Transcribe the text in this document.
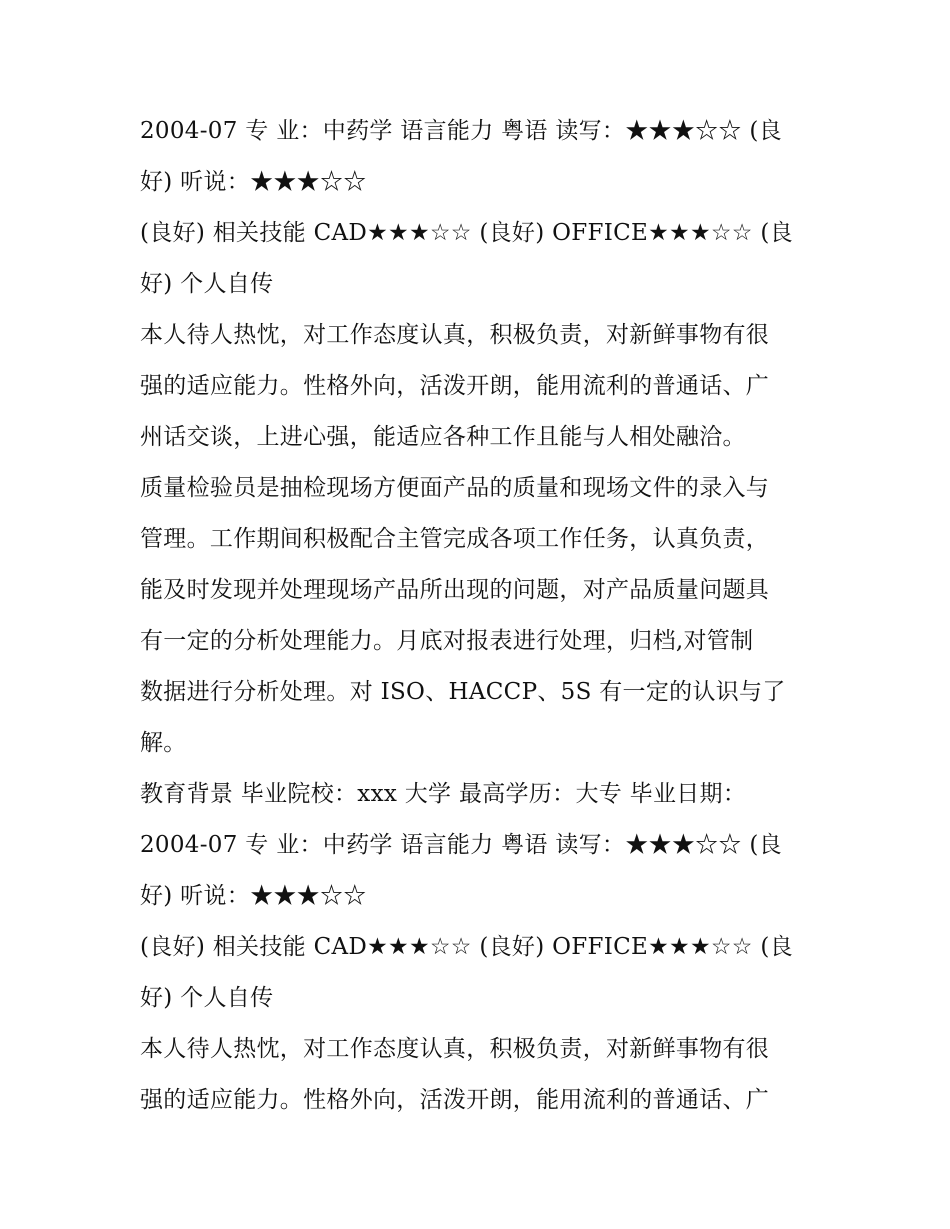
2004-07 专 业：中药学 语言能力 粤语 读写：★★★☆☆ (良
好) 听说：★★★☆☆
(良好) 相关技能 CAD★★★☆☆ (良好) OFFICE★★★☆☆ (良
好) 个人自传
本人待人热忱，对工作态度认真，积极负责，对新鲜事物有很
强的适应能力。性格外向，活泼开朗，能用流利的普通话、广
州话交谈，上进心强，能适应各种工作且能与人相处融洽。
质量检验员是抽检现场方便面产品的质量和现场文件的录入与
管理。工作期间积极配合主管完成各项工作任务，认真负责，
能及时发现并处理现场产品所出现的问题，对产品质量问题具
有一定的分析处理能力。月底对报表进行处理，归档,对管制
数据进行分析处理。对 ISO、HACCP、5S 有一定的认识与了
解。
教育背景 毕业院校：xxx 大学 最高学历：大专 毕业日期：
2004-07 专 业：中药学 语言能力 粤语 读写：★★★☆☆ (良
好) 听说：★★★☆☆
(良好) 相关技能 CAD★★★☆☆ (良好) OFFICE★★★☆☆ (良
好) 个人自传
本人待人热忱，对工作态度认真，积极负责，对新鲜事物有很
强的适应能力。性格外向，活泼开朗，能用流利的普通话、广
